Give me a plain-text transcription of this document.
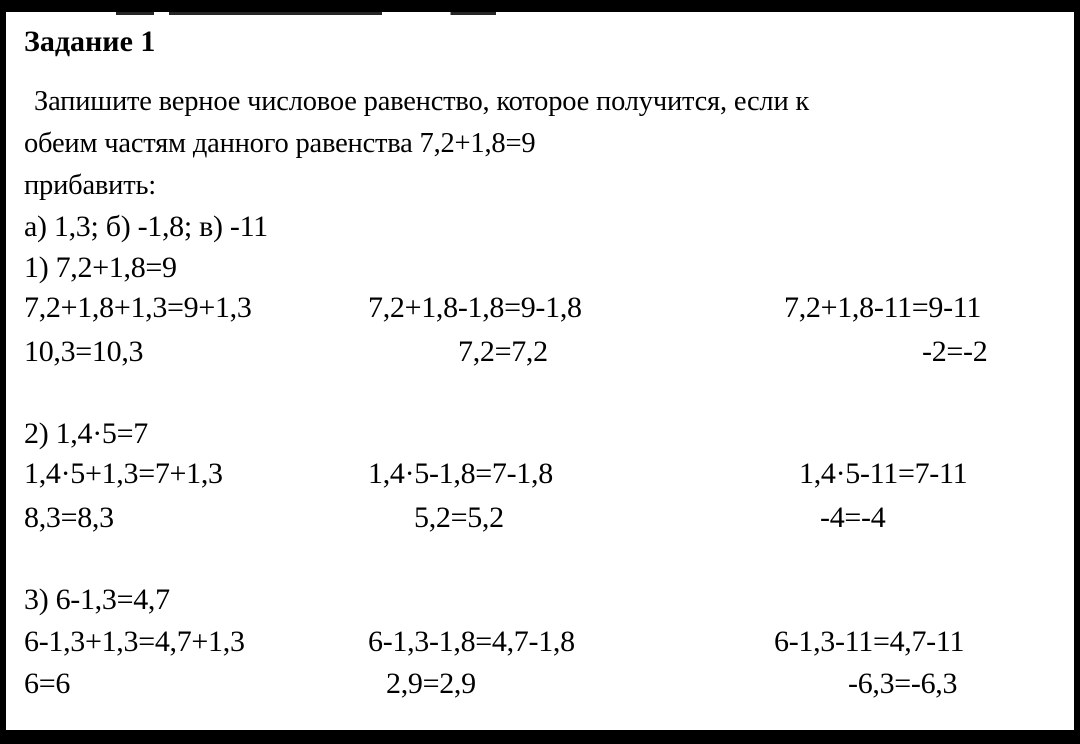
Задание 1
Запишите верное числовое равенство, которое получится, если к
обеим частям данного равенства 7,2+1,8=9
прибавить:
а) 1,3; б) -1,8; в) -11
1) 7,2+1,8=9
7,2+1,8+1,3=9+1,3	7,2+1,8-1,8=9-1,8	7,2+1,8-11=9-11
10,3=10,3	7,2=7,2	-2=-2
2) 1,4·5=7
1,4·5+1,3=7+1,3	1,4·5-1,8=7-1,8	1,4·5-11=7-11
8,3=8,3	5,2=5,2	-4=-4
3) 6-1,3=4,7
6-1,3+1,3=4,7+1,3	6-1,3-1,8=4,7-1,8	6-1,3-11=4,7-11
6=6	2,9=2,9	-6,3=-6,3
